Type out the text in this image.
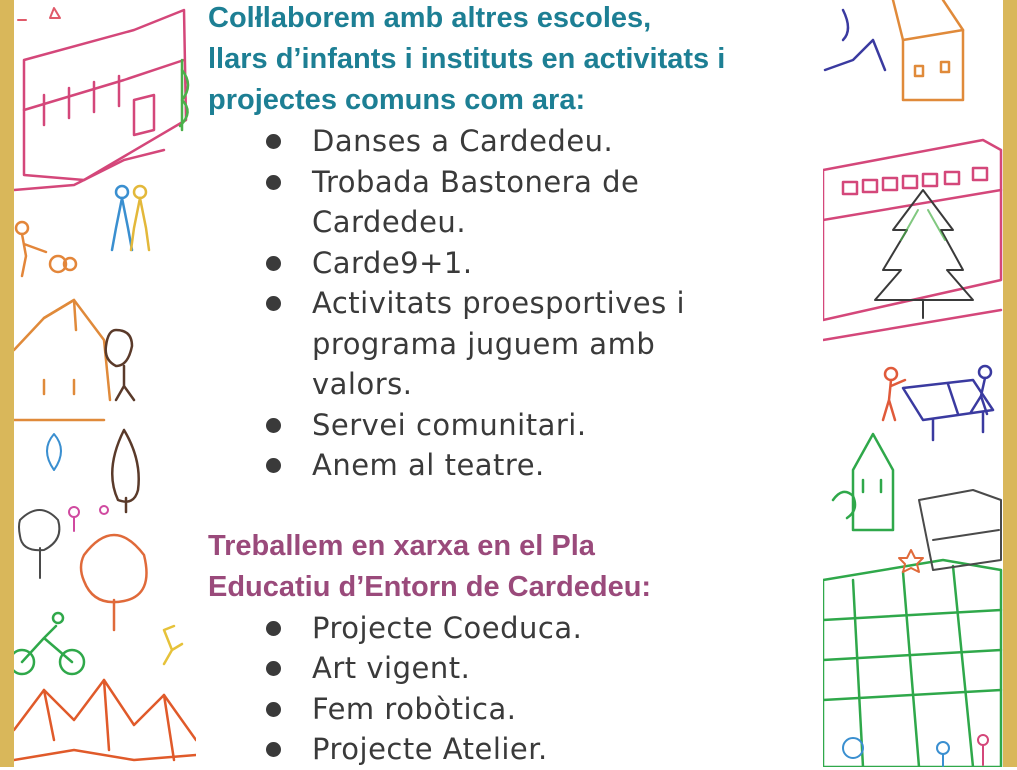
Colłlaborem amb altres escoles,
llars d’infants i instituts en activitats i
projectes comuns com ara:
Danses a Cardedeu.
Trobada Bastonera de
Cardedeu.
Carde9+1.
Activitats proesportives i
programa juguem amb
valors.
Servei comunitari.
Anem al teatre.
Treballem en xarxa en el Pla
Educatiu d’Entorn de Cardedeu:
Projecte Coeduca.
Art vigent.
Fem robòtica.
Projecte Atelier.
